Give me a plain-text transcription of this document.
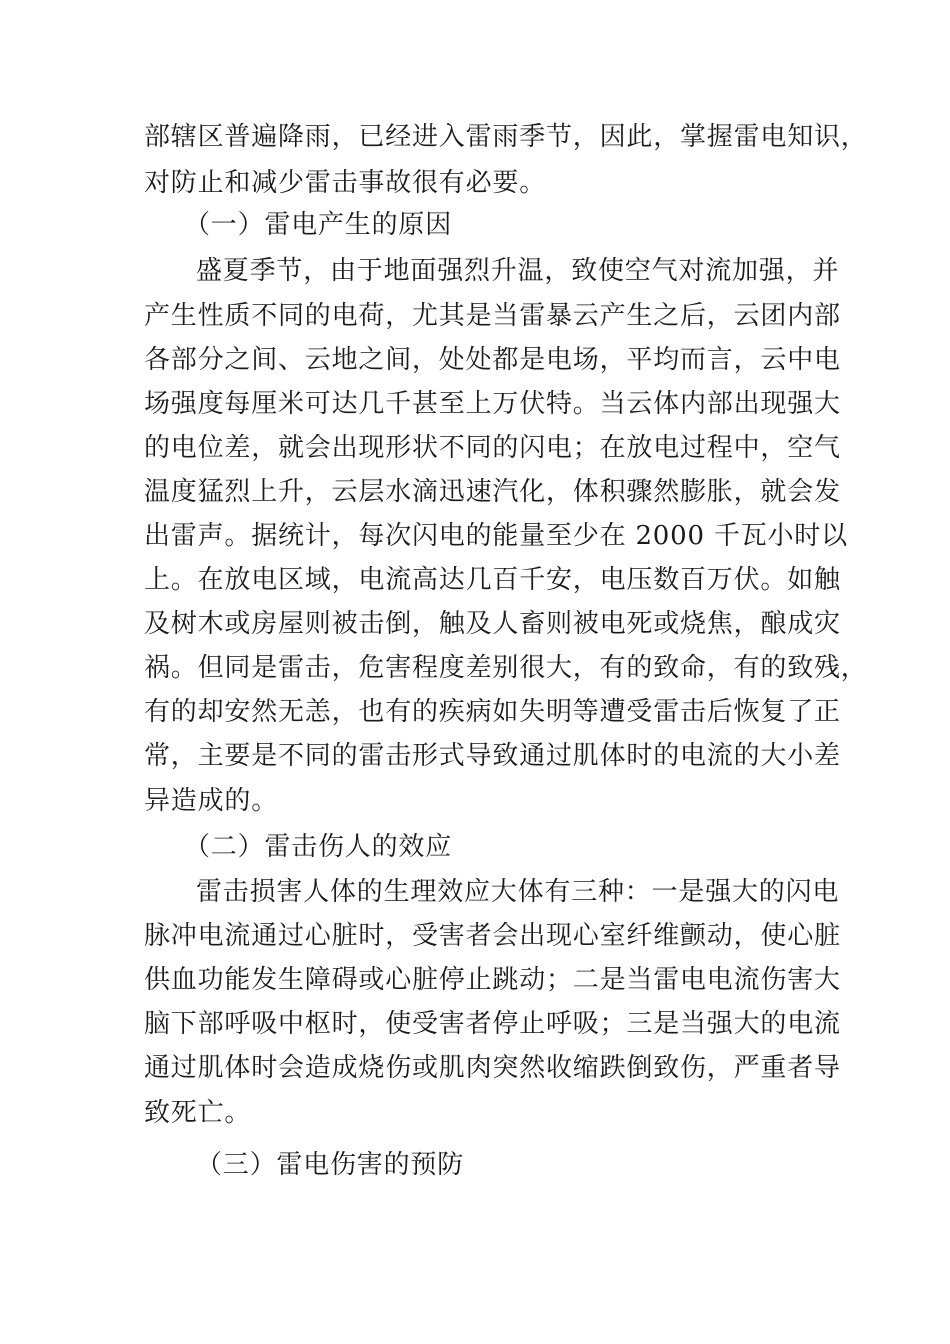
部辖区普遍降雨，已经进入雷雨季节，因此，掌握雷电知识，
对防止和减少雷击事故很有必要。
（一）雷电产生的原因
盛夏季节，由于地面强烈升温，致使空气对流加强，并
产生性质不同的电荷，尤其是当雷暴云产生之后，云团内部
各部分之间、云地之间，处处都是电场，平均而言，云中电
场强度每厘米可达几千甚至上万伏特。当云体内部出现强大
的电位差，就会出现形状不同的闪电；在放电过程中，空气
温度猛烈上升，云层水滴迅速汽化，体积骤然膨胀，就会发
出雷声。据统计，每次闪电的能量至少在 2000 千瓦小时以
上。在放电区域，电流高达几百千安，电压数百万伏。如触
及树木或房屋则被击倒，触及人畜则被电死或烧焦，酿成灾
祸。但同是雷击，危害程度差别很大，有的致命，有的致残，
有的却安然无恙，也有的疾病如失明等遭受雷击后恢复了正
常，主要是不同的雷击形式导致通过肌体时的电流的大小差
异造成的。
（二）雷击伤人的效应
雷击损害人体的生理效应大体有三种：一是强大的闪电
脉冲电流通过心脏时，受害者会出现心室纤维颤动，使心脏
供血功能发生障碍或心脏停止跳动；二是当雷电电流伤害大
脑下部呼吸中枢时，使受害者停止呼吸；三是当强大的电流
通过肌体时会造成烧伤或肌肉突然收缩跌倒致伤，严重者导
致死亡。
（三）雷电伤害的预防
